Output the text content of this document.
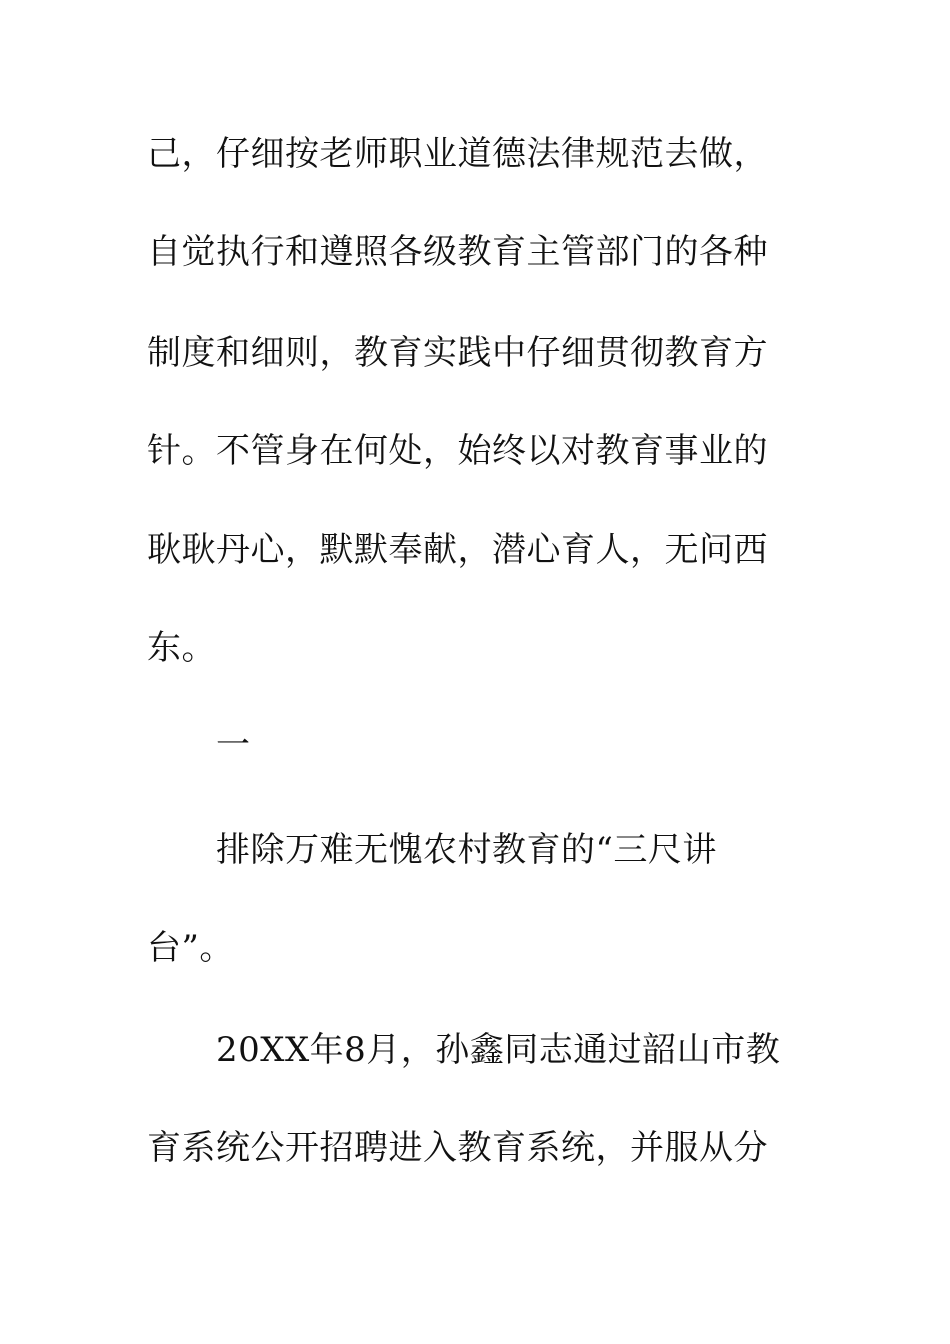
己，仔细按老师职业道德法律规范去做，
自觉执行和遵照各级教育主管部门的各种
制度和细则，教育实践中仔细贯彻教育方
针。不管身在何处，始终以对教育事业的
耿耿丹心，默默奉献，潜心育人，无问西
东。
一
排除万难无愧农村教育的“三尺讲
台”。
20XX年8月，孙鑫同志通过韶山市教
育系统公开招聘进入教育系统，并服从分
